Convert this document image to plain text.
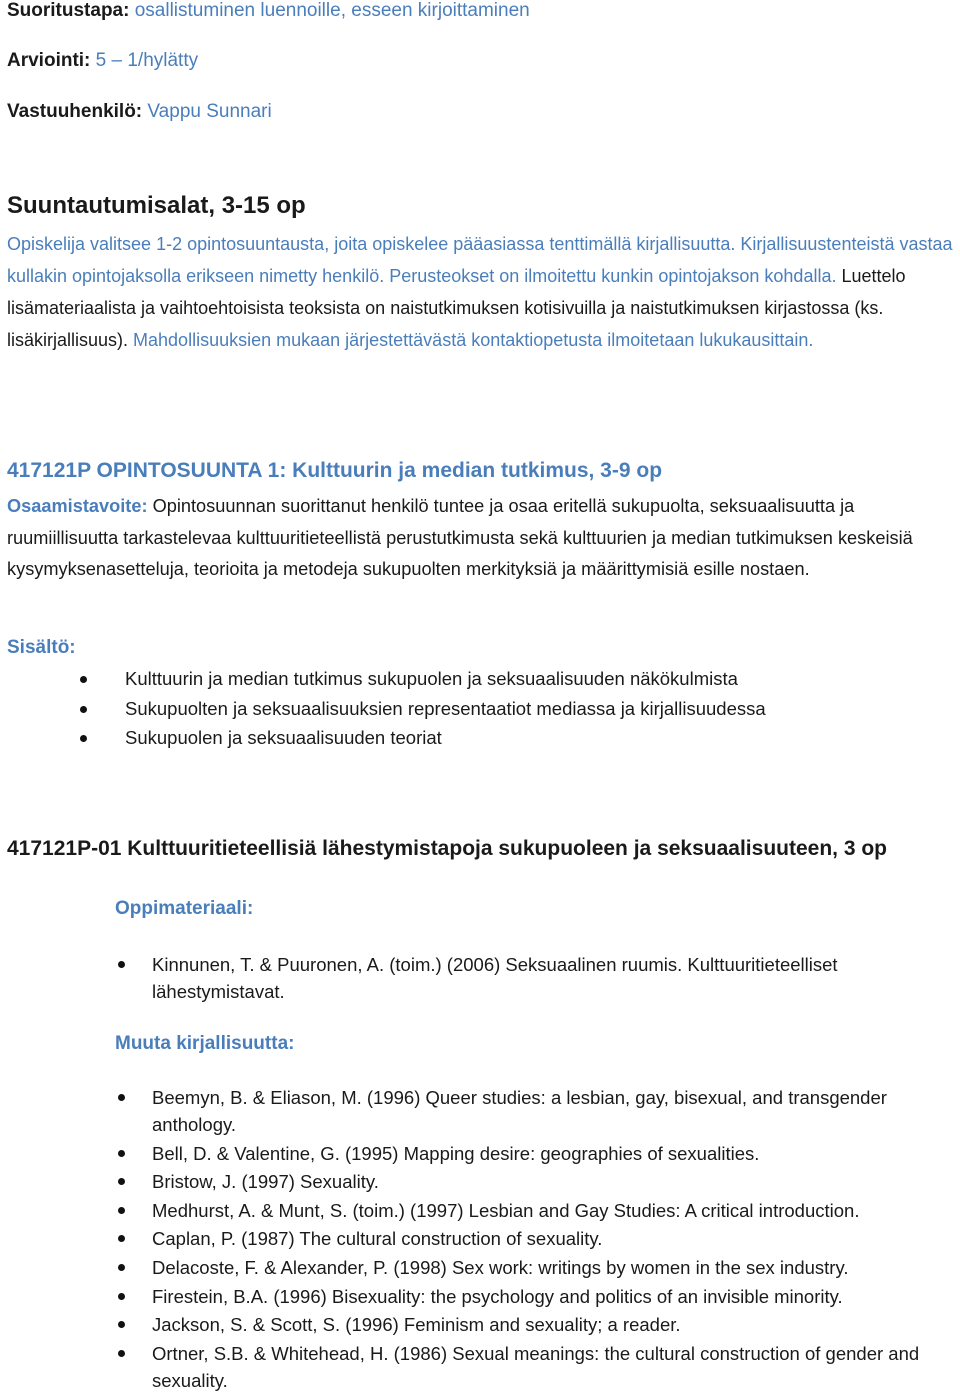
Suoritustapa: osallistuminen luennoille, esseen kirjoittaminen
Arviointi: 5 – 1/hylätty
Vastuuhenkilö: Vappu Sunnari
Suuntautumisalat, 3-15 op
Opiskelija valitsee 1-2 opintosuuntausta, joita opiskelee pääasiassa tenttimällä kirjallisuutta. Kirjallisuustenteistä vastaa kullakin opintojaksolla erikseen nimetty henkilö. Perusteokset on ilmoitettu kunkin opintojakson kohdalla. Luettelo lisämateriaalista ja vaihtoehtoisista teoksista on naistutkimuksen kotisivuilla ja naistutkimuksen kirjastossa (ks. lisäkirjallisuus). Mahdollisuuksien mukaan järjestettävästä kontaktiopetusta ilmoitetaan lukukausittain.
417121P OPINTOSUUNTA 1: Kulttuurin ja median tutkimus, 3-9 op
Osaamistavoite: Opintosuunnan suorittanut henkilö tuntee ja osaa eritellä sukupuolta, seksuaalisuutta ja ruumiillisuutta tarkastelevaa kulttuuritieteellistä perustutkimusta sekä kulttuurien ja median tutkimuksen keskeisiä kysymyksenasetteluja, teorioita ja metodeja sukupuolten merkityksiä ja määrittymisiä esille nostaen.
Sisältö:
Kulttuurin ja median tutkimus sukupuolen ja seksuaalisuuden näkökulmista
Sukupuolten ja seksuaalisuuksien representaatiot mediassa ja kirjallisuudessa
Sukupuolen ja seksuaalisuuden teoriat
417121P-01 Kulttuuritieteellisiä lähestymistapoja sukupuoleen ja seksuaalisuuteen, 3 op
Oppimateriaali:
Kinnunen, T. & Puuronen, A. (toim.) (2006) Seksuaalinen ruumis. Kulttuuritieteelliset lähestymistavat.
Muuta kirjallisuutta:
Beemyn, B. & Eliason, M. (1996) Queer studies: a lesbian, gay, bisexual, and transgender anthology.
Bell, D. & Valentine, G. (1995) Mapping desire: geographies of sexualities.
Bristow, J. (1997) Sexuality.
Medhurst, A. & Munt, S. (toim.) (1997) Lesbian and Gay Studies: A critical introduction.
Caplan, P. (1987) The cultural construction of sexuality.
Delacoste, F. & Alexander, P. (1998) Sex work: writings by women in the sex industry.
Firestein, B.A. (1996) Bisexuality: the psychology and politics of an invisible minority.
Jackson, S. & Scott, S. (1996) Feminism and sexuality; a reader.
Ortner, S.B. & Whitehead, H. (1986) Sexual meanings: the cultural construction of gender and sexuality.
